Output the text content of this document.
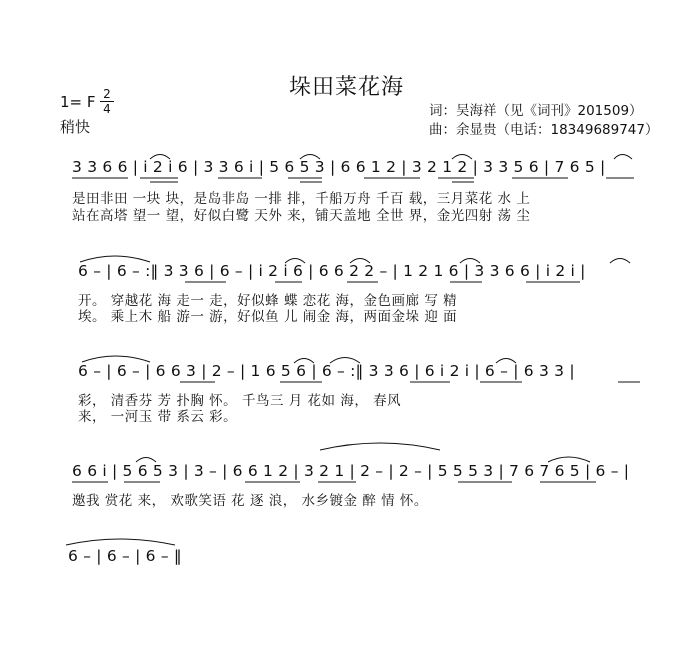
垛田菜花海
1= F 2
4
稍快
词：吴海祥（见《词刊》201509）
曲：余显贵（电话：18349689747）
3 3 6 6 | i 2 i 6 | 3 3 6 i | 5 6 5 3 | 6 6 1 2 | 3 2 1 2 | 3 3 5 6 | 7 6 5 |
是田非田 一块 块，是岛非岛 一排 排，千船万舟 千百 载，三月菜花 水 上
站在高塔 望一 望，好似白鹭 天外 来，铺天盖地 全世 界，金光四射 荡 尘
6 – | 6 – :‖ 3 3 6 | 6 – | i 2 i 6 | 6 6 2 2 – | 1 2 1 6 | 3 3 6 6 | i 2 i |
开。 穿越花 海 走一 走，好似蜂 蝶 恋花 海，金色画廊 写 精
埃。 乘上木 船 游一 游，好似鱼 儿 闹金 海，两面金垛 迎 面
6 – | 6 – | 6 6 3 | 2 – | 1 6 5 6 | 6 – :‖ 3 3 6 | 6 i 2 i | 6 – | 6 3 3 |
彩， 清香芬 芳 扑胸 怀。 千鸟三 月 花如 海， 春风
来， 一河玉 带 系云 彩。
6 6 i | 5 6 5 3 | 3 – | 6 6 1 2 | 3 2 1 | 2 – | 2 – | 5 5 5 3 | 7 6 7 6 5 | 6 – |
邀我 赏花 来， 欢歌笑语 花 逐 浪， 水乡镀金 醉 情 怀。
6 – | 6 – | 6 – ‖
